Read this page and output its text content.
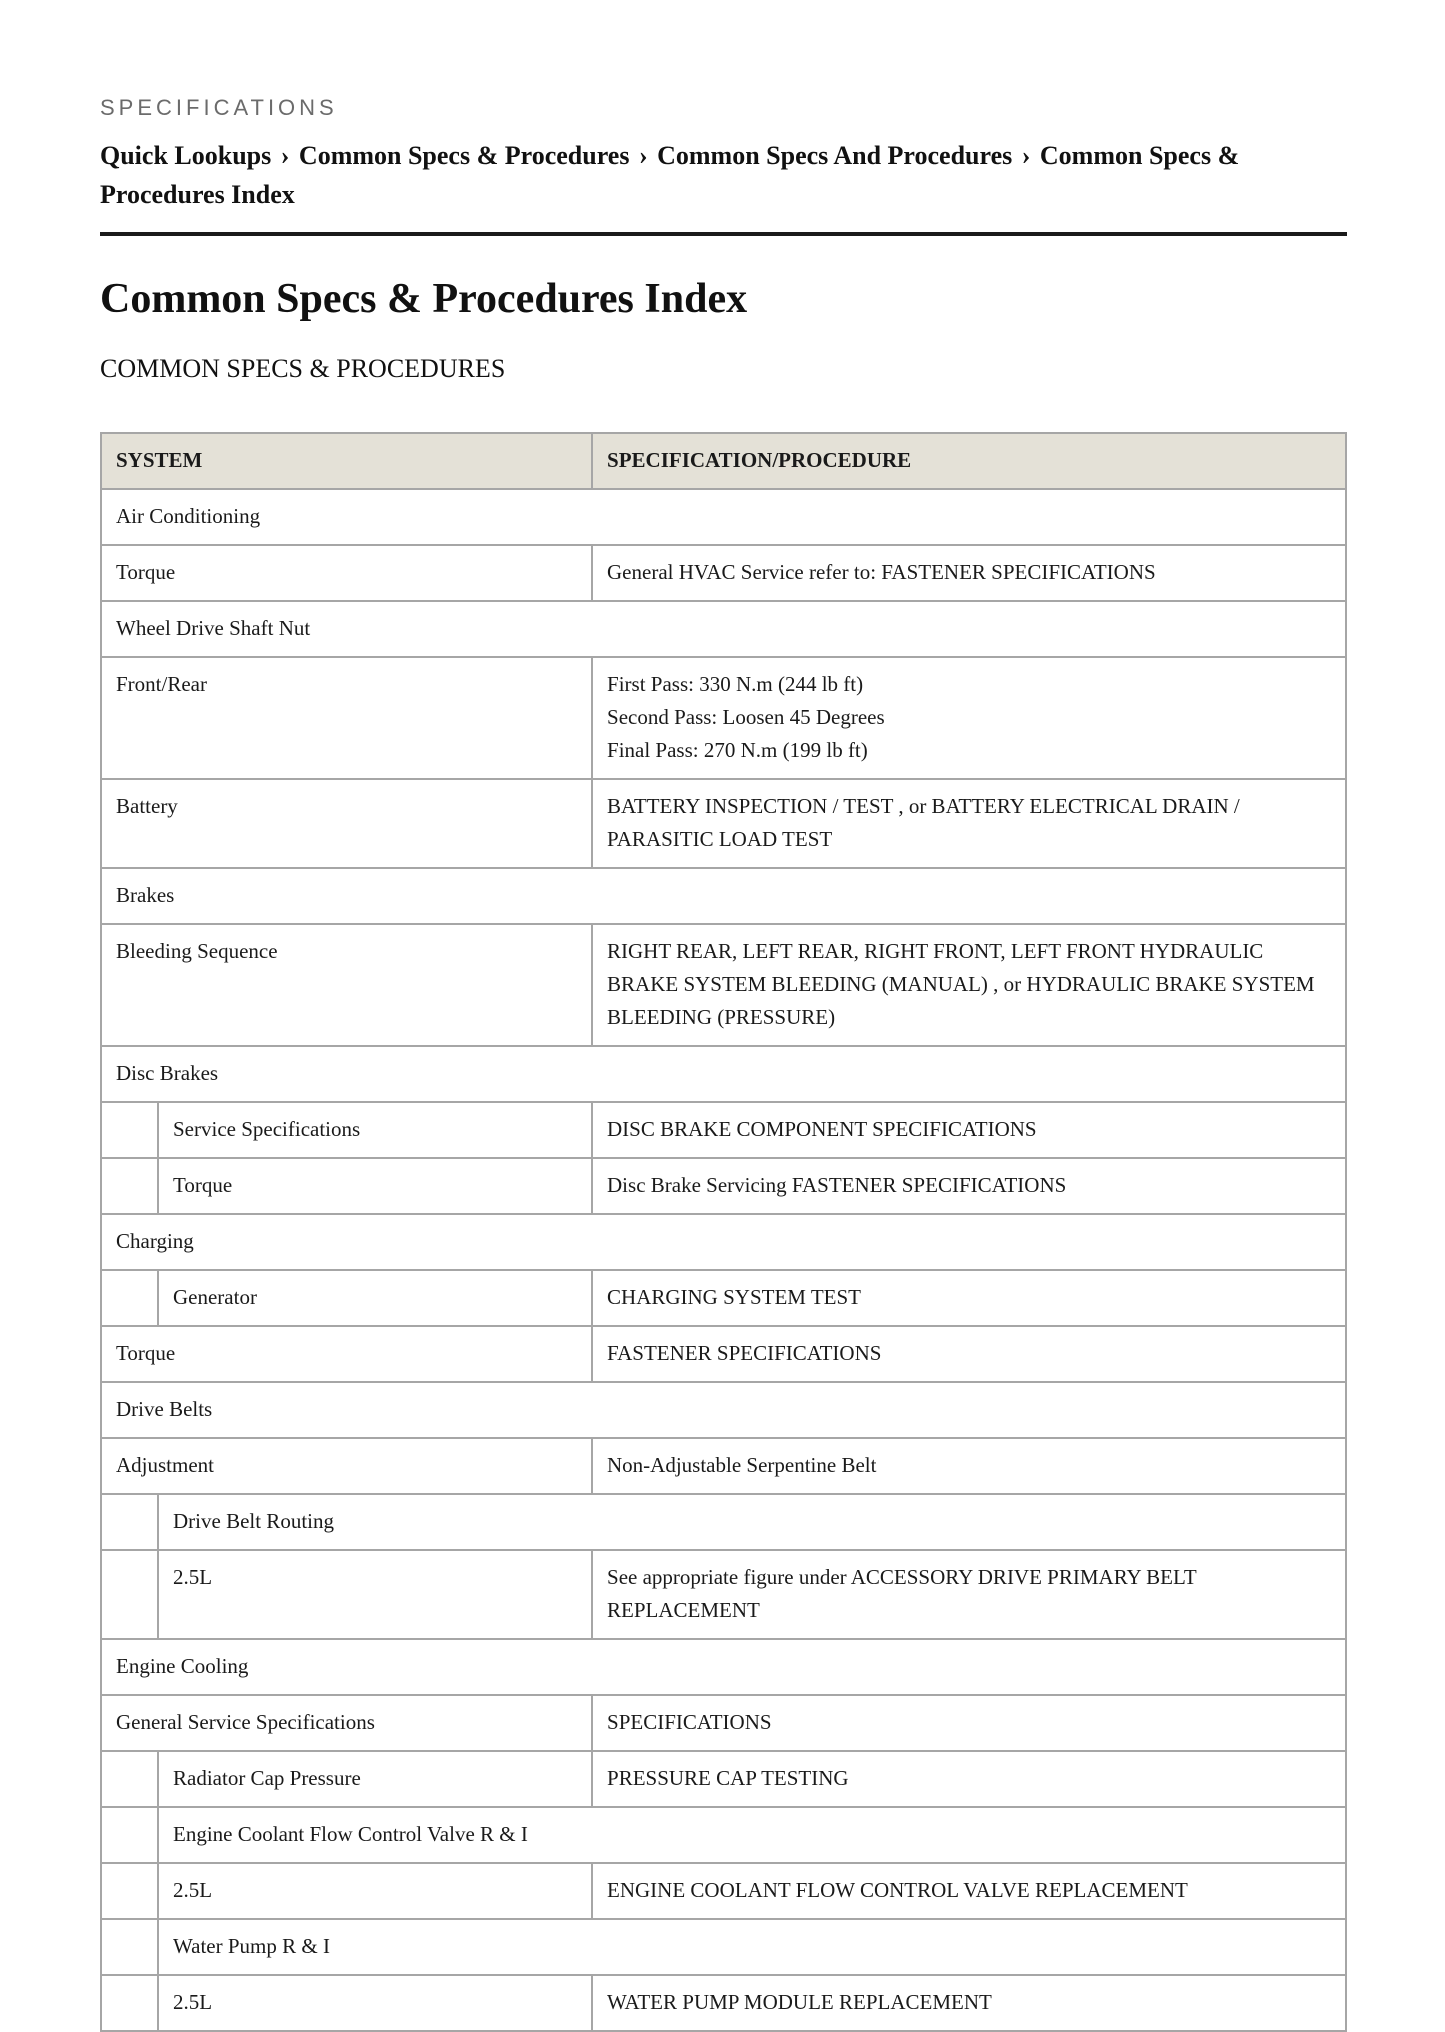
SPECIFICATIONS
Quick Lookups › Common Specs & Procedures › Common Specs And Procedures › Common Specs & Procedures Index
Common Specs & Procedures Index
COMMON SPECS & PROCEDURES
SYSTEM		SPECIFICATION/PROCEDURE
Air Conditioning		
Torque		General HVAC Service refer to: FASTENER SPECIFICATIONS
Wheel Drive Shaft Nut		
Front/Rear		First Pass: 330 N.m (244 lb ft)
Second Pass: Loosen 45 Degrees
Final Pass: 270 N.m (199 lb ft)

Battery		BATTERY INSPECTION / TEST , or BATTERY ELECTRICAL DRAIN / PARASITIC LOAD TEST
Brakes		
Bleeding Sequence		RIGHT REAR, LEFT REAR, RIGHT FRONT, LEFT FRONT HYDRAULIC BRAKE SYSTEM BLEEDING (MANUAL) , or HYDRAULIC BRAKE SYSTEM BLEEDING (PRESSURE)
Disc Brakes		
	Service Specifications	DISC BRAKE COMPONENT SPECIFICATIONS
	Torque	Disc Brake Servicing FASTENER SPECIFICATIONS
Charging		
	Generator	CHARGING SYSTEM TEST
Torque		FASTENER SPECIFICATIONS
Drive Belts		
Adjustment		Non-Adjustable Serpentine Belt
	Drive Belt Routing	
	2.5L	See appropriate figure under ACCESSORY DRIVE PRIMARY BELT REPLACEMENT
Engine Cooling		
General Service Specifications		SPECIFICATIONS
	Radiator Cap Pressure	PRESSURE CAP TESTING
	Engine Coolant Flow Control Valve R & I	
	2.5L	ENGINE COOLANT FLOW CONTROL VALVE REPLACEMENT
	Water Pump R & I	
	2.5L	WATER PUMP MODULE REPLACEMENT
